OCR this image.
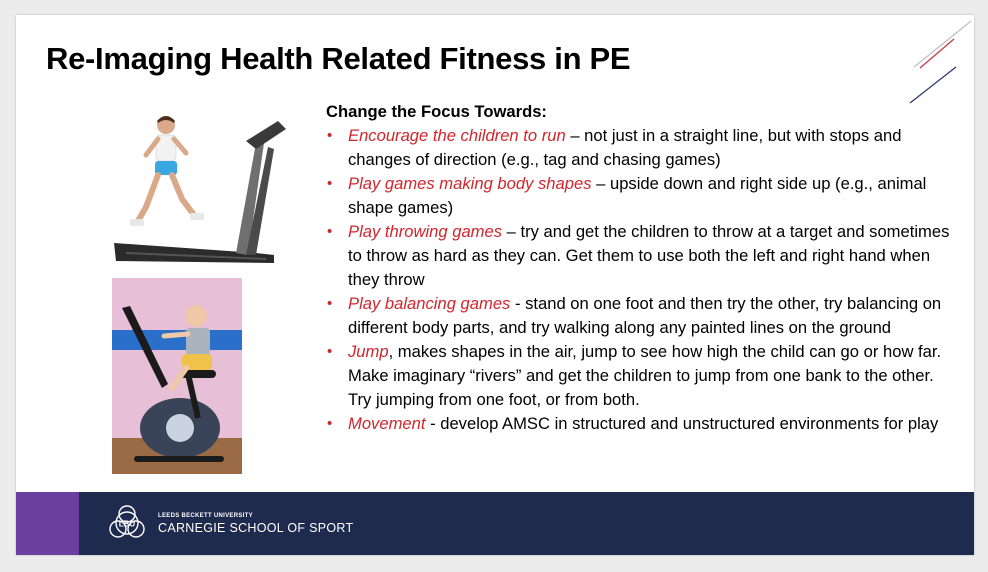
Re-Imaging Health Related Fitness in PE
Change the Focus Towards:
• Encourage the children to run – not just in a straight line, but with stops and changes of direction (e.g., tag and chasing games)
• Play games making body shapes – upside down and right side up (e.g., animal shape games)
• Play throwing games – try and get the children to throw at a target and sometimes to throw as hard as they can. Get them to use both the left and right hand when they throw
• Play balancing games - stand on one foot and then try the other, try balancing on different body parts, and try walking along any painted lines on the ground
• Jump, makes shapes in the air, jump to see how high the child can go or how far. Make imaginary “rivers” and get the children to jump from one bank to the other. Try jumping from one foot, or from both.
• Movement - develop AMSC in structured and unstructured environments for play
LBU
LEEDS BECKETT UNIVERSITY
CARNEGIE SCHOOL OF SPORT
